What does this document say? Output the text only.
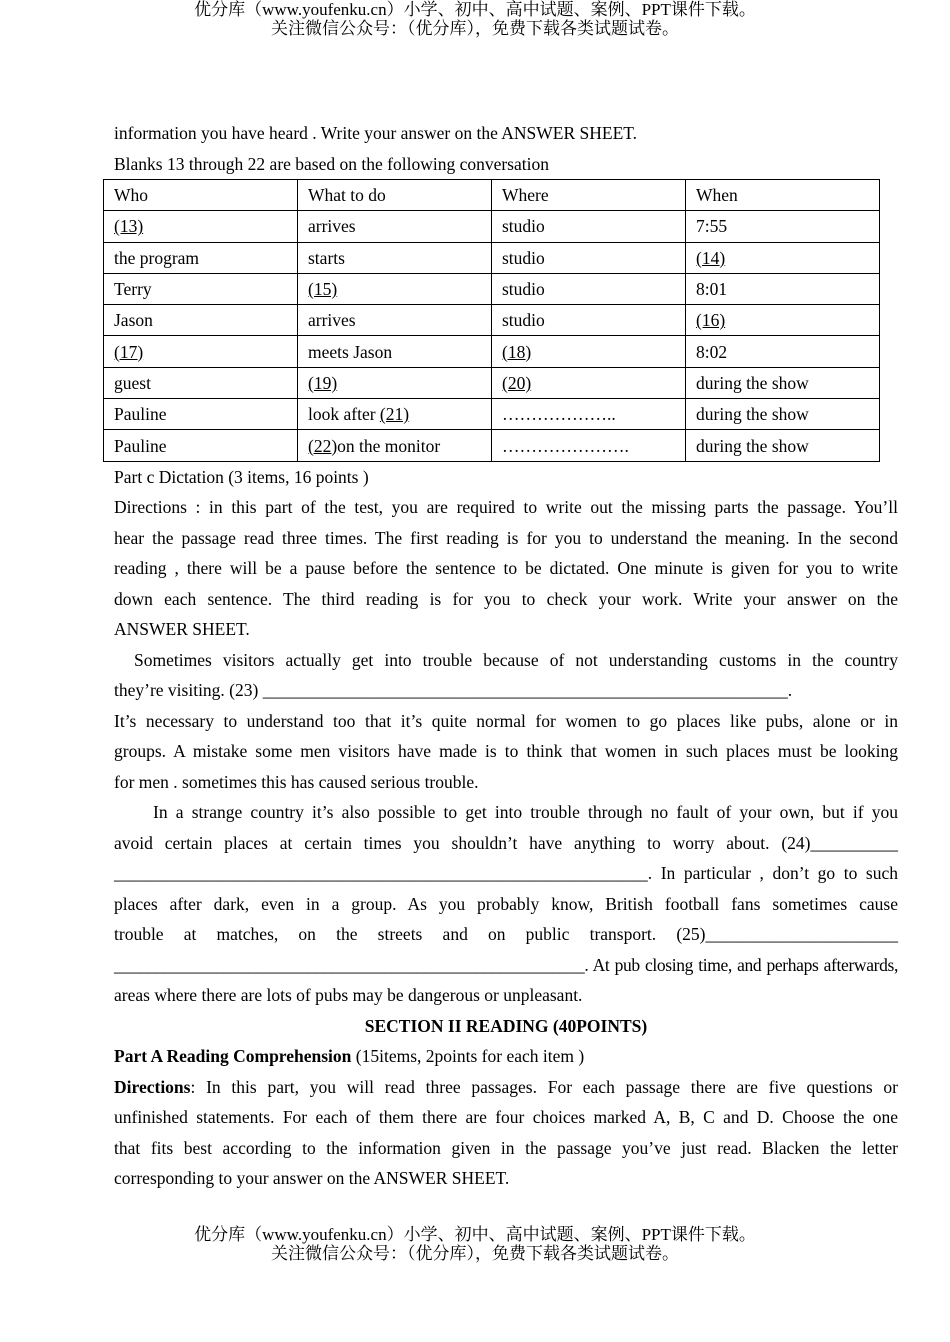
优分库（www.youfenku.cn）小学、初中、高中试题、案例、PPT课件下载。
关注微信公众号：（优分库），免费下载各类试题试卷。
information you have heard . Write your answer on the ANSWER SHEET.
Blanks 13 through 22 are based on the following conversation
Who	What to do	Where	When
(13)	arrives	studio	7:55
the program	starts	studio	(14)
Terry	(15)	studio	8:01
Jason	arrives	studio	(16)
(17)	meets Jason	(18)	8:02
guest	(19)	(20)	during the show
Pauline	look after (21)	………………..	during the show
Pauline	(22)on the monitor	………………….	during the show
Part c Dictation (3 items, 16 points )
Directions : in this part of the test, you are required to write out the missing parts the passage. You’ll
hear the passage read three times. The first reading is for you to understand the meaning. In the second
reading , there will be a pause before the sentence to be dictated. One minute is given for you to write
down each sentence. The third reading is for you to check your work. Write your answer on the
ANSWER SHEET.
Sometimes visitors actually get into trouble because of not understanding customs in the country
they’re visiting. (23) ____________________________________________________________.
It’s necessary to understand too that it’s quite normal for women to go places like pubs, alone or in
groups. A mistake some men visitors have made is to think that women in such places must be looking
for men . sometimes this has caused serious trouble.
In a strange country it’s also possible to get into trouble through no fault of your own, but if you
avoid certain places at certain times you shouldn’t have anything to worry about. (24)__________
_____________________________________________________________. In particular , don’t go to such
places after dark, even in a group. As you probably know, British football fans sometimes cause
trouble at matches, on the streets and on public transport. (25)______________________
________________________________________________________. At pub closing time, and perhaps afterwards,
areas where there are lots of pubs may be dangerous or unpleasant.
SECTION II READING (40POINTS)
Part A Reading Comprehension (15items, 2points for each item )
Directions: In this part, you will read three passages. For each passage there are five questions or
unfinished statements. For each of them there are four choices marked A, B, C and D. Choose the one
that fits best according to the information given in the passage you’ve just read. Blacken the letter
corresponding to your answer on the ANSWER SHEET.
优分库（www.youfenku.cn）小学、初中、高中试题、案例、PPT课件下载。
关注微信公众号：（优分库），免费下载各类试题试卷。
